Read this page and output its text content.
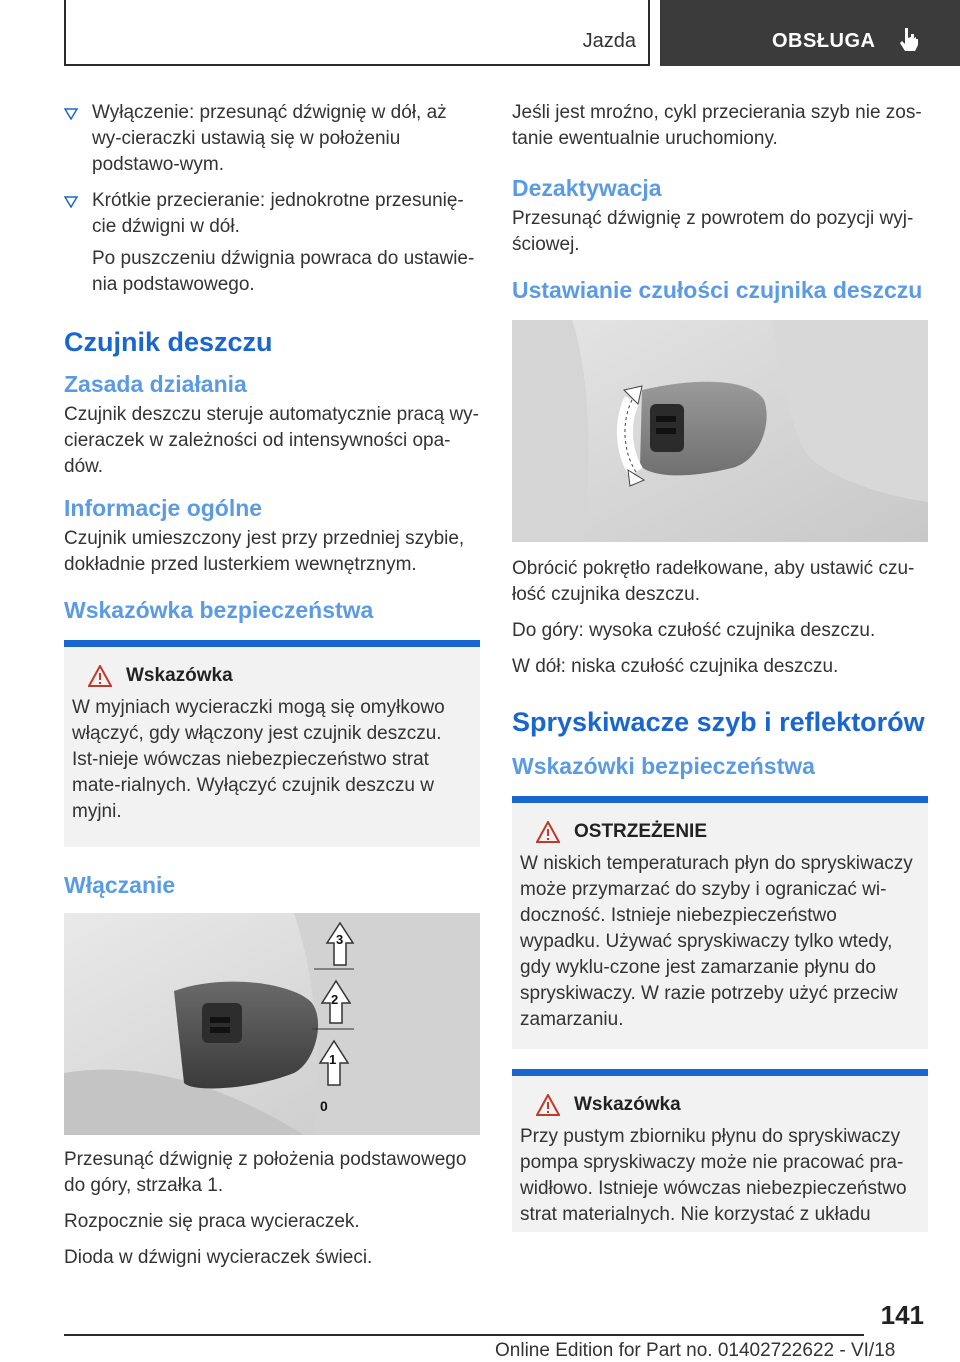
Jazda	OBSŁUGA
Wyłączenie: przesunąć dźwignię w dół, aż wy-cieraczki ustawią się w położeniu podstawo-wym.
Krótkie przecieranie: jednokrotne przesunię-cie dźwigni w dół.

Po puszczeniu dźwignia powraca do ustawie-nia podstawowego.

Czujnik deszczu
Zasada działania

Czujnik deszczu steruje automatycznie pracą wy-cieraczek w zależności od intensywności opa-dów.

Informacje ogólne

Czujnik umieszczony jest przy przedniej szybie, dokładnie przed lusterkiem wewnętrznym.

Wskazówka bezpieczeństwa
Wskazówka

W myjniach wycieraczki mogą się omyłkowo włączyć, gdy włączony jest czujnik deszczu. Ist-nieje wówczas niebezpieczeństwo strat mate-rialnych. Wyłączyć czujnik deszczu w myjni.

Włączanie
3
2
1
0

Przesunąć dźwignię z położenia podstawowego do góry, strzałka 1.

Rozpocznie się praca wycieraczek.

Dioda w dźwigni wycieraczek świeci.

Jeśli jest mroźno, cykl przecierania szyb nie zos-tanie ewentualnie uruchomiony.

Dezaktywacja

Przesunąć dźwignię z powrotem do pozycji wyj-ściowej.

Ustawianie czułości czujnika deszczu

Obrócić pokrętło radełkowane, aby ustawić czu-łość czujnika deszczu.

Do góry: wysoka czułość czujnika deszczu.

W dół: niska czułość czujnika deszczu.

Spryskiwacze szyb i reflektorów
Wskazówki bezpieczeństwa
OSTRZEŻENIE

W niskich temperaturach płyn do spryskiwaczy może przymarzać do szyby i ograniczać wi-doczność. Istnieje niebezpieczeństwo wypadku. Używać spryskiwaczy tylko wtedy, gdy wyklu-czone jest zamarzanie płynu do spryskiwaczy. W razie potrzeby użyć przeciw zamarzaniu.

Wskazówka

Przy pustym zbiorniku płynu do spryskiwaczy pompa spryskiwaczy może nie pracować pra-widłowo. Istnieje wówczas niebezpieczeństwo strat materialnych. Nie korzystać z układu

141
Online Edition for Part no. 01402722622 - VI/18
